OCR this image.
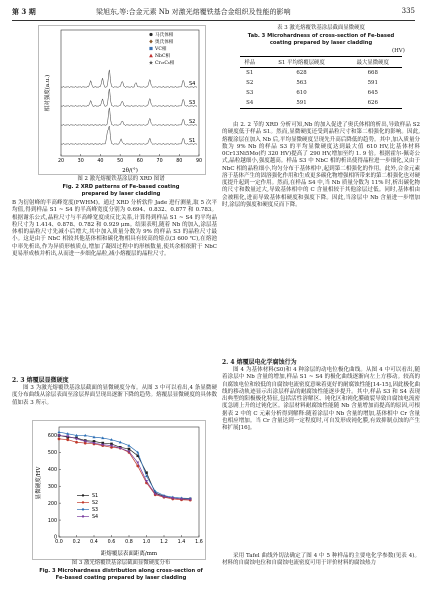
第 3 期	梁旭东,等:合金元素 Nb 对激光熔覆铁基合金组织及性能的影响	335
S4
S3
S2
S1
马氏体相
奥氏体相
VC相
NbC相
Cr₂₃C₆相
20	30	40	50	60	70	80	90
2θ/(°)
相对强度(a.u.)
图 2 激光熔覆铁基涂层的 XRD 图谱
Fig. 2 XRD patterns of Fe-based coating
prepared by laser cladding

B 为衍射峰的半高峰宽度(FWHM)。通过 XRD 分析软件 Jade 进行测量,取 5 次平均值,得到样品 S1 ~ S4 的半高峰宽度分别为 0.694、0.832、0.877 和 0.783。根据谢乐公式,晶粒尺寸与半高峰宽度成反比关系,计算得到样品 S1 ~ S4 的平均晶粒尺寸为 1.414、0.878、0.782 和 0.929 μm。结果表明,随着 Nb 的加入,涂层基体相的晶粒尺寸先减小后增大,其中加入质量分数为 9% 的样品 S3 的晶粒尺寸最小。这是由于 NbC 相较其他基体相和碳化物相具有较高的熔点(3 600 ℃),在熔池中率先析出,作为异质形核质点,增加了凝固过程中的形核数量,使其余相依附于 NbC 更易形成核并析出,从而进一步细化晶粒,减小熔覆层的晶粒尺寸。

2. 3 熔覆层显微硬度

图 3 为激光熔覆铁基涂层截面的显微硬度分布。从图 3 中可以看出,4 条显微硬度分布曲线从涂层表面至涂层界面呈现出逐渐下降的趋势。熔覆层显微硬度的具体数值如表 3 所示。

0
100
200
300
400
500
600
0.0 0.2 0.4 0.6 0.8 1.0 1.2 1.4 1.6
S1
S2
S3
S4
距熔覆层表面距离/mm
显微硬度/HV
图 3 激光熔覆铁基涂层截面显微硬度分布
Fig. 3 Microhardness distribution along cross-section of
Fe-based coating prepared by laser cladding
表 3 激光熔覆铁基涂层截面显微硬度
Tab. 3 Microhardness of cross-section of Fe-based
coating prepared by laser cladding
(HV)
样品	S1 平均熔覆层硬度	最大显微硬度
S1	628	668
S2	563	591
S3	610	645
S4	591	626

由 2. 2 节的 XRD 分析可知,Nb 的加入促进了奥氏体相的析出,导致样品 S2 的硬度低于样品 S1。然而,显微硬度还受到晶粒尺寸和第二相强化的影响。因此,熔覆涂层在加入 Nb 后,平均显微硬度呈现先升高后降低的趋势。其中,加入质量分数为 9% Nb 的样品 S3 的平均显微硬度达到最大值 610 HV,比基体材料 0Cr13Ni5Mo(约 320 HV)提高了 290 HV,增加至约 1. 9 倍。根据霍尔-佩奇公式,晶粒越细小,强度越高。样品 S3 中 NbC 相的析出使得晶粒进一步细化,又由于 NbC 相的晶粒细小,均匀分布于基体相中,起到第二相强化的作用。此外,合金元素溶于基体产生的固溶强化作用和生成更多碳化物增强相所带来的第二相强化也对硬度提升起到一定作用。然而,在样品 S4 中,当 Nb 质量分数为 11% 时,析出碳化物的尺寸和数量过大,导致基体相中的 C 含量相较于其他涂层过低。同时,基体相由会被粗化,进而导致基体相硬度和强度下降。因此,当涂层中 Nb 含量进一步增加时,涂层的强度和硬度反而下降。

2. 4 熔覆层电化学腐蚀行为

图 4 为基体材料(S0)和 4 种涂层的动电位极化曲线。从图 4 中可以看出,随着涂层中 Nb 含量的增加,样品 S1 ~ S4 的极化曲线逐渐向左上方移动。较高的自腐蚀电位和较低的自腐蚀电流密度意味着更好的耐腐蚀性能[14-15],因此极化曲线的移动轨迹显示出涂层样品的耐腐蚀性能逐步提升。其中,样品 S3 和 S4 表现出典型的阳极极化特征,包括活性溶解区、钝化区和钝化膜破裂导致自腐蚀电流密度急剧上升的过钝化区。涂层材料耐腐蚀性能随 Nb 含量增加而提高的原因,可根据表 2 中的 C 元素分析得到解释:随着涂层中 Nb 含量的增加,基体相中 Cr 含量也相应增加。当 Cr 含量达到一定程度时,可自发形成钝化膜,有效抑制点蚀的产生和扩展[16]。

采用 Tafel 曲线外切法确定了图 4 中 5 种样品的主要电化学参数(见表 4)。材料的自腐蚀电位和自腐蚀电流密度可用于评价材料的腐蚀热力
